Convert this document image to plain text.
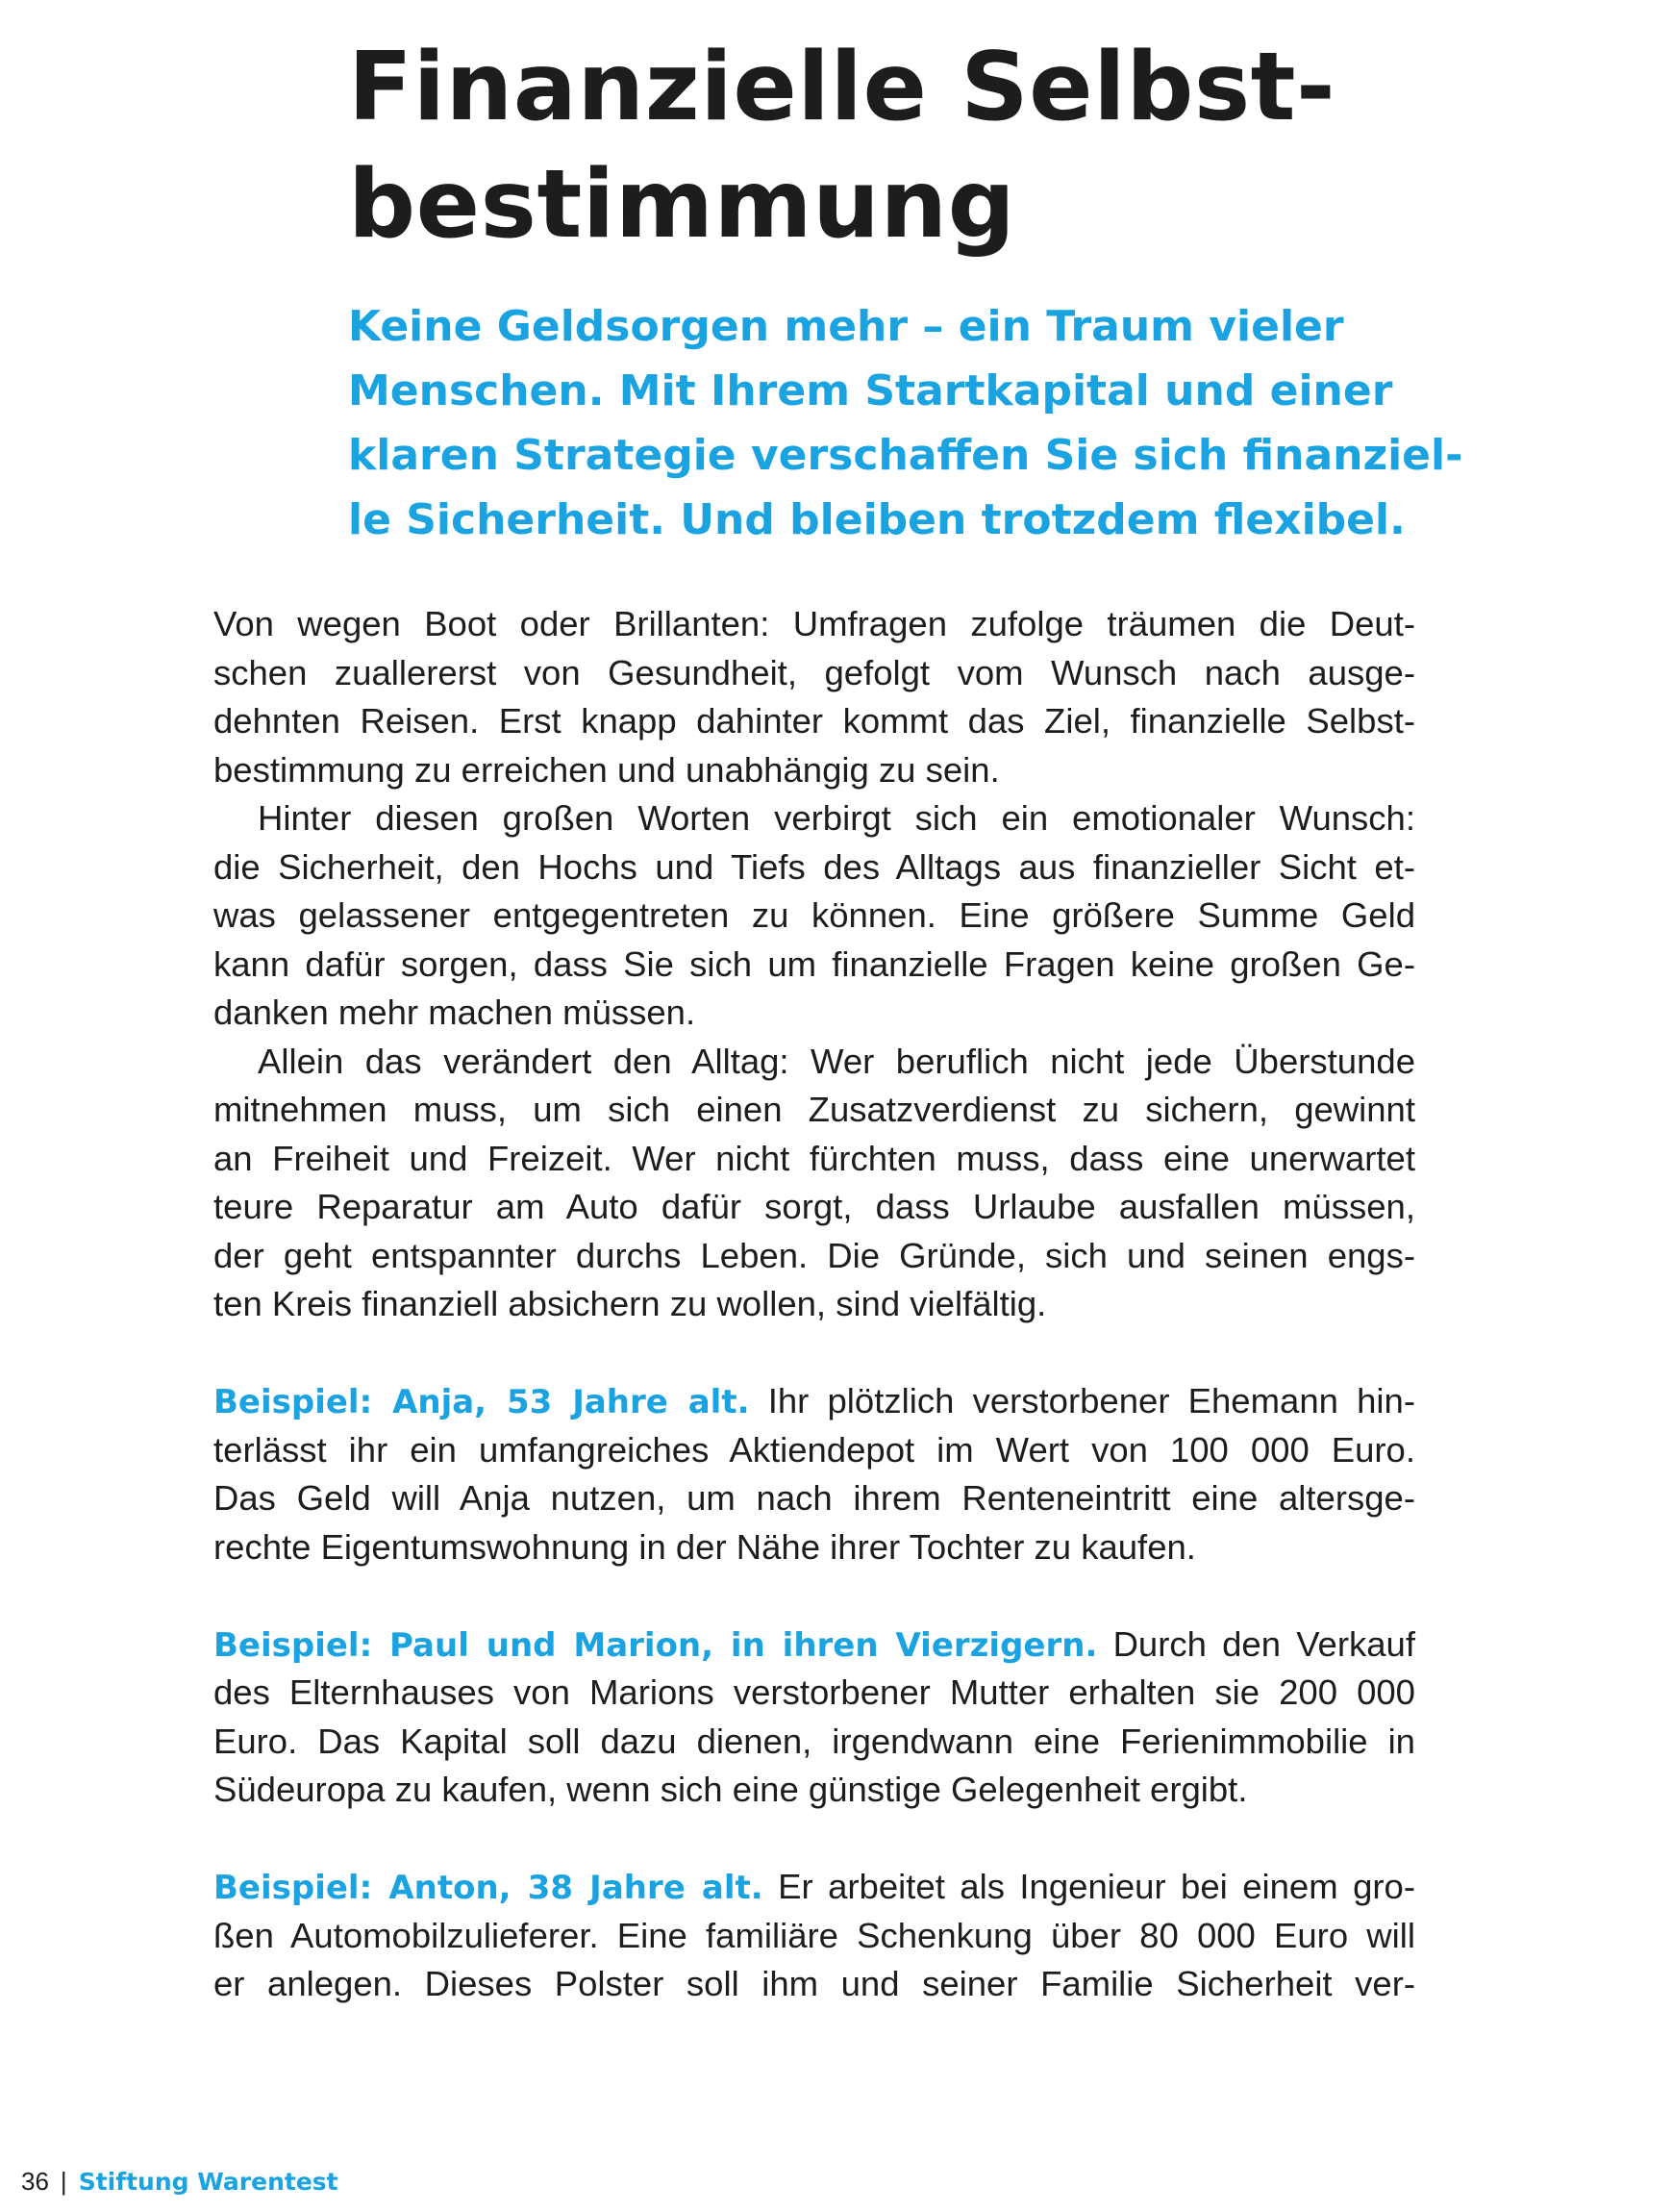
Finanzielle Selbst-
bestimmung
Keine Geldsorgen mehr – ein Traum vieler
Menschen. Mit Ihrem Startkapital und einer
klaren Strategie verschaffen Sie sich finanziel-
le Sicherheit. Und bleiben trotzdem flexibel.
Von wegen Boot oder Brillanten: Umfragen zufolge träumen die Deut-
schen zuallererst von Gesundheit, gefolgt vom Wunsch nach ausge-
dehnten Reisen. Erst knapp dahinter kommt das Ziel, finanzielle Selbst-
bestimmung zu erreichen und unabhängig zu sein.
Hinter diesen großen Worten verbirgt sich ein emotionaler Wunsch:
die Sicherheit, den Hochs und Tiefs des Alltags aus finanzieller Sicht et-
was gelassener entgegentreten zu können. Eine größere Summe Geld
kann dafür sorgen, dass Sie sich um finanzielle Fragen keine großen Ge-
danken mehr machen müssen.
Allein das verändert den Alltag: Wer beruflich nicht jede Überstunde
mitnehmen muss, um sich einen Zusatzverdienst zu sichern, gewinnt
an Freiheit und Freizeit. Wer nicht fürchten muss, dass eine unerwartet
teure Reparatur am Auto dafür sorgt, dass Urlaube ausfallen müssen,
der geht entspannter durchs Leben. Die Gründe, sich und seinen engs-
ten Kreis finanziell absichern zu wollen, sind vielfältig.
Beispiel: Anja, 53 Jahre alt. Ihr plötzlich verstorbener Ehemann hin-
terlässt ihr ein umfangreiches Aktiendepot im Wert von 100 000 Euro.
Das Geld will Anja nutzen, um nach ihrem Renteneintritt eine altersge-
rechte Eigentumswohnung in der Nähe ihrer Tochter zu kaufen.
Beispiel: Paul und Marion, in ihren Vierzigern. Durch den Verkauf
des Elternhauses von Marions verstorbener Mutter erhalten sie 200 000
Euro. Das Kapital soll dazu dienen, irgendwann eine Ferienimmobilie in
Südeuropa zu kaufen, wenn sich eine günstige Gelegenheit ergibt.
Beispiel: Anton, 38 Jahre alt. Er arbeitet als Ingenieur bei einem gro-
ßen Automobilzulieferer. Eine familiäre Schenkung über 80 000 Euro will
er anlegen. Dieses Polster soll ihm und seiner Familie Sicherheit ver-
36 | Stiftung Warentest
